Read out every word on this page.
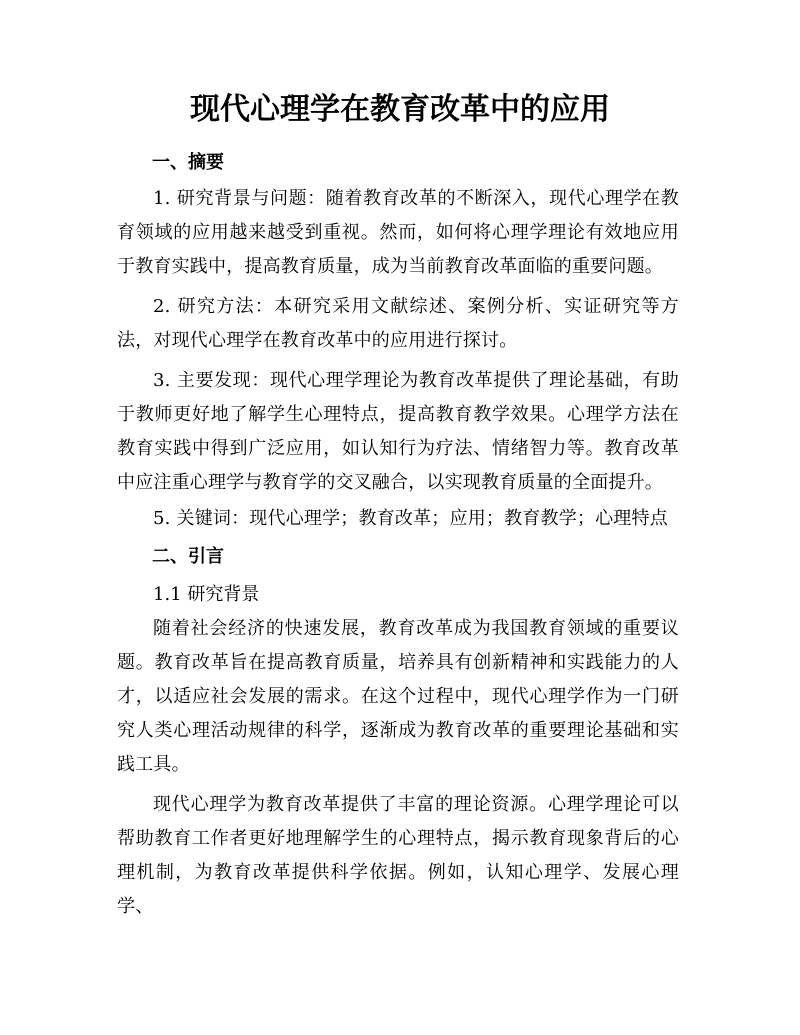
现代心理学在教育改革中的应用
一、摘要
1. 研究背景与问题：随着教育改革的不断深入，现代心理学在教育领域的应用越来越受到重视。然而，如何将心理学理论有效地应用于教育实践中，提高教育质量，成为当前教育改革面临的重要问题。
2. 研究方法：本研究采用文献综述、案例分析、实证研究等方法，对现代心理学在教育改革中的应用进行探讨。
3. 主要发现：现代心理学理论为教育改革提供了理论基础，有助于教师更好地了解学生心理特点，提高教育教学效果。心理学方法在教育实践中得到广泛应用，如认知行为疗法、情绪智力等。教育改革中应注重心理学与教育学的交叉融合，以实现教育质量的全面提升。
5. 关键词：现代心理学；教育改革；应用；教育教学；心理特点
二、引言
1.1 研究背景
随着社会经济的快速发展，教育改革成为我国教育领域的重要议题。教育改革旨在提高教育质量，培养具有创新精神和实践能力的人才，以适应社会发展的需求。在这个过程中，现代心理学作为一门研究人类心理活动规律的科学，逐渐成为教育改革的重要理论基础和实践工具。
现代心理学为教育改革提供了丰富的理论资源。心理学理论可以帮助教育工作者更好地理解学生的心理特点，揭示教育现象背后的心理机制，为教育改革提供科学依据。例如，认知心理学、发展心理学、
